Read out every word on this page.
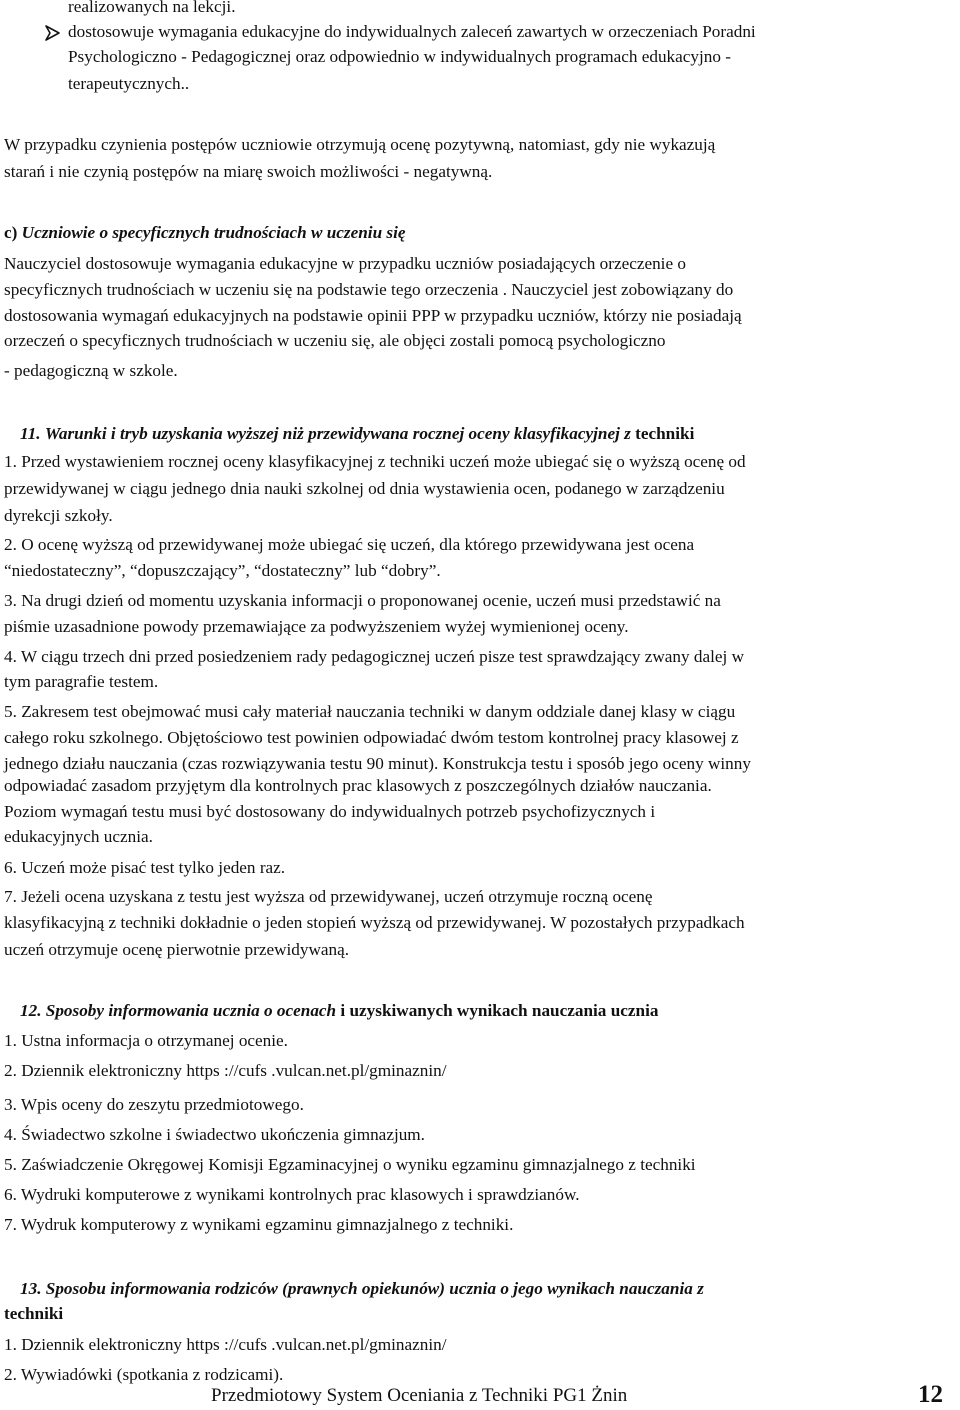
realizowanych na lekcji.
dostosowuje wymagania edukacyjne do indywidualnych zaleceń zawartych w orzeczeniach Poradni
Psychologiczno - Pedagogicznej oraz odpowiednio w indywidualnych programach edukacyjno -
terapeutycznych..
W przypadku czynienia postępów uczniowie otrzymują ocenę pozytywną, natomiast, gdy nie wykazują
starań i nie czynią postępów na miarę swoich możliwości - negatywną.
c) Uczniowie o specyficznych trudnościach w uczeniu się
Nauczyciel dostosowuje wymagania edukacyjne w przypadku uczniów posiadających orzeczenie o
specyficznych trudnościach w uczeniu się na podstawie tego orzeczenia . Nauczyciel jest zobowiązany do
dostosowania wymagań edukacyjnych na podstawie opinii PPP w przypadku uczniów, którzy nie posiadają
orzeczeń o specyficznych trudnościach w uczeniu się, ale objęci zostali pomocą psychologiczno
- pedagogiczną w szkole.
11. Warunki i tryb uzyskania wyższej niż przewidywana rocznej oceny klasyfikacyjnej z techniki
1. Przed wystawieniem rocznej oceny klasyfikacyjnej z techniki uczeń może ubiegać się o wyższą ocenę od
przewidywanej w ciągu jednego dnia nauki szkolnej od dnia wystawienia ocen, podanego w zarządzeniu
dyrekcji szkoły.
2. O ocenę wyższą od przewidywanej może ubiegać się uczeń, dla którego przewidywana jest ocena
“niedostateczny”, “dopuszczający”, “dostateczny” lub “dobry”.
3. Na drugi dzień od momentu uzyskania informacji o proponowanej ocenie, uczeń musi przedstawić na
piśmie uzasadnione powody przemawiające za podwyższeniem wyżej wymienionej oceny.
4. W ciągu trzech dni przed posiedzeniem rady pedagogicznej uczeń pisze test sprawdzający zwany dalej w
tym paragrafie testem.
5. Zakresem test obejmować musi cały materiał nauczania techniki w danym oddziale danej klasy w ciągu
całego roku szkolnego. Objętościowo test powinien odpowiadać dwóm testom kontrolnej pracy klasowej z
jednego działu nauczania (czas rozwiązywania testu 90 minut). Konstrukcja testu i sposób jego oceny winny
odpowiadać zasadom przyjętym dla kontrolnych prac klasowych z poszczególnych działów nauczania.
Poziom wymagań testu musi być dostosowany do indywidualnych potrzeb psychofizycznych i
edukacyjnych ucznia.
6. Uczeń może pisać test tylko jeden raz.
7. Jeżeli ocena uzyskana z testu jest wyższa od przewidywanej, uczeń otrzymuje roczną ocenę
klasyfikacyjną z techniki dokładnie o jeden stopień wyższą od przewidywanej. W pozostałych przypadkach
uczeń otrzymuje ocenę pierwotnie przewidywaną.
12. Sposoby informowania ucznia o ocenach i uzyskiwanych wynikach nauczania ucznia
1. Ustna informacja o otrzymanej ocenie.
2. Dziennik elektroniczny https ://cufs .vulcan.net.pl/gminaznin/
3. Wpis oceny do zeszytu przedmiotowego.
4. Świadectwo szkolne i świadectwo ukończenia gimnazjum.
5. Zaświadczenie Okręgowej Komisji Egzaminacyjnej o wyniku egzaminu gimnazjalnego z techniki
6. Wydruki komputerowe z wynikami kontrolnych prac klasowych i sprawdzianów.
7. Wydruk komputerowy z wynikami egzaminu gimnazjalnego z techniki.
13. Sposobu informowania rodziców (prawnych opiekunów) ucznia o jego wynikach nauczania z
techniki
1. Dziennik elektroniczny https ://cufs .vulcan.net.pl/gminaznin/
2. Wywiadówki (spotkania z rodzicami).
Przedmiotowy System Oceniania z Techniki PG1 Żnin	12
